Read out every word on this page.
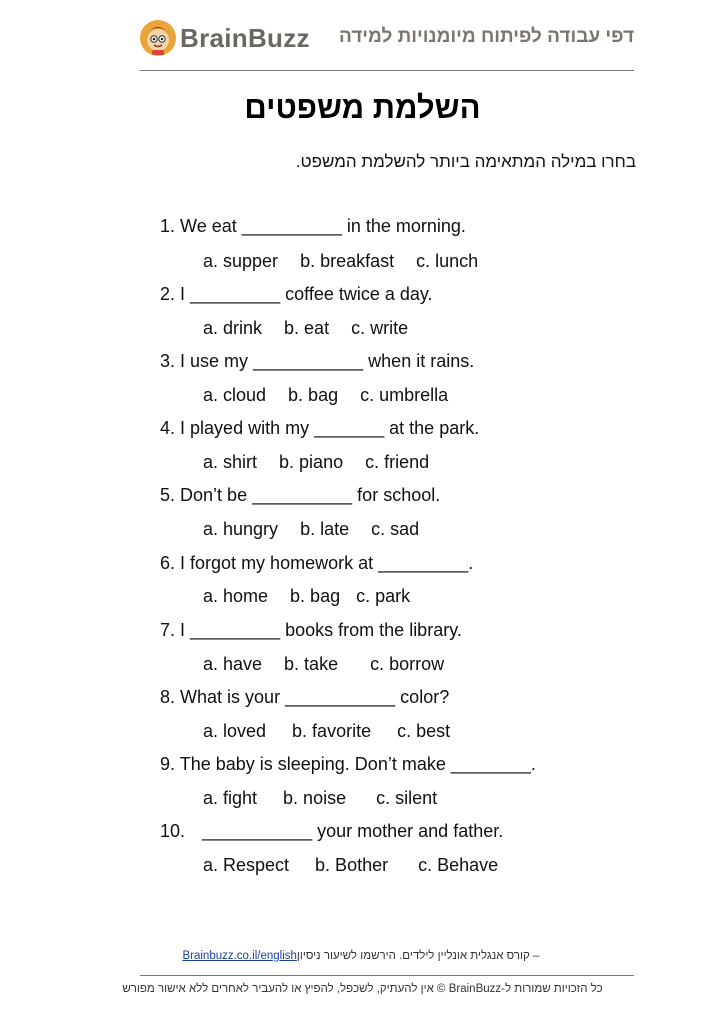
BrainBuzz דפי עבודה לפיתוח מיומנויות למידה
השלמת משפטים
בחרו במילה המתאימה ביותר להשלמת המשפט.
1. We eat __________ in the morning.
a. supper b. breakfast c. lunch
2. I _________ coffee twice a day.
a. drink b. eat c. write
3. I use my ___________ when it rains.
a. cloud b. bag c. umbrella
4. I played with my _______ at the park.
a. shirt b. piano c. friend
5. Don’t be __________ for school.
a. hungry b. late c. sad
6. I forgot my homework at _________.
a. home b. bag c. park
7. I _________ books from the library.
a. have b. take c. borrow
8. What is your ___________ color?
a. loved b. favorite c. best
9. The baby is sleeping. Don’t make ________.
a. fight b. noise c. silent
10. ___________ your mother and father.
a. Respect b. Bother c. Behave
Brainbuzz.co.il/english – קורס אנגלית אונליין לילדים. הירשמו לשיעור ניסיון
כל הזכויות שמורות ל-BrainBuzz © אין להעתיק, לשכפל, להפיץ או להעביר לאחרים ללא אישור מפורש
